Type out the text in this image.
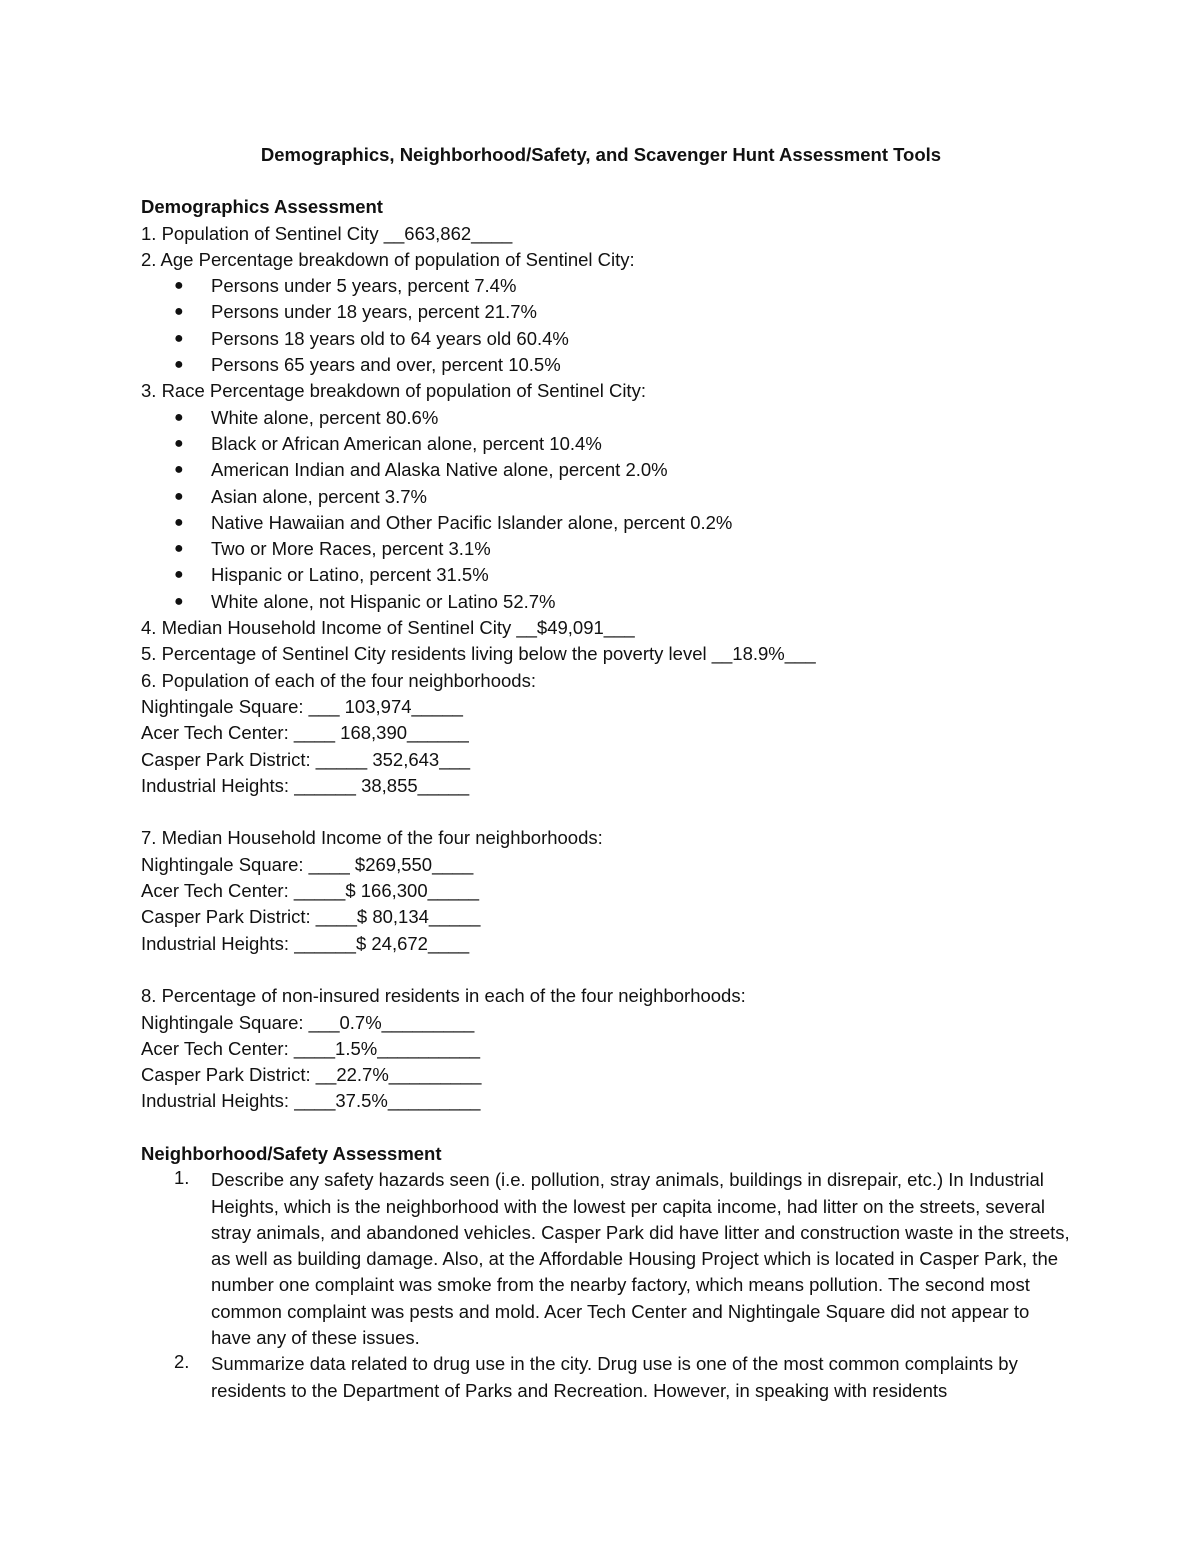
Demographics, Neighborhood/Safety, and Scavenger Hunt Assessment Tools
Demographics Assessment
1. Population of Sentinel City __663,862____
2. Age Percentage breakdown of population of Sentinel City:
● Persons under 5 years, percent 7.4%
● Persons under 18 years, percent 21.7%
● Persons 18 years old to 64 years old 60.4%
● Persons 65 years and over, percent 10.5%
3. Race Percentage breakdown of population of Sentinel City:
● White alone, percent 80.6%
● Black or African American alone, percent 10.4%
● American Indian and Alaska Native alone, percent 2.0%
● Asian alone, percent 3.7%
● Native Hawaiian and Other Pacific Islander alone, percent 0.2%
● Two or More Races, percent 3.1%
● Hispanic or Latino, percent 31.5%
● White alone, not Hispanic or Latino 52.7%
4. Median Household Income of Sentinel City __$49,091___
5. Percentage of Sentinel City residents living below the poverty level __18.9%___
6. Population of each of the four neighborhoods:
Nightingale Square: ___ 103,974_____
Acer Tech Center: ____ 168,390______
Casper Park District: _____ 352,643___
Industrial Heights: ______ 38,855_____
7. Median Household Income of the four neighborhoods:
Nightingale Square: ____ $269,550____
Acer Tech Center: _____$ 166,300_____
Casper Park District: ____$ 80,134_____
Industrial Heights: ______$ 24,672____
8. Percentage of non-insured residents in each of the four neighborhoods:
Nightingale Square: ___0.7%_________
Acer Tech Center: ____1.5%__________
Casper Park District: __22.7%_________
Industrial Heights: ____37.5%_________
Neighborhood/Safety Assessment
1. Describe any safety hazards seen (i.e. pollution, stray animals, buildings in disrepair, etc.) In Industrial Heights, which is the neighborhood with the lowest per capita income, had litter on the streets, several stray animals, and abandoned vehicles. Casper Park did have litter and construction waste in the streets, as well as building damage. Also, at the Affordable Housing Project which is located in Casper Park, the number one complaint was smoke from the nearby factory, which means pollution. The second most common complaint was pests and mold. Acer Tech Center and Nightingale Square did not appear to have any of these issues.
2. Summarize data related to drug use in the city. Drug use is one of the most common complaints by residents to the Department of Parks and Recreation. However, in speaking with residents
